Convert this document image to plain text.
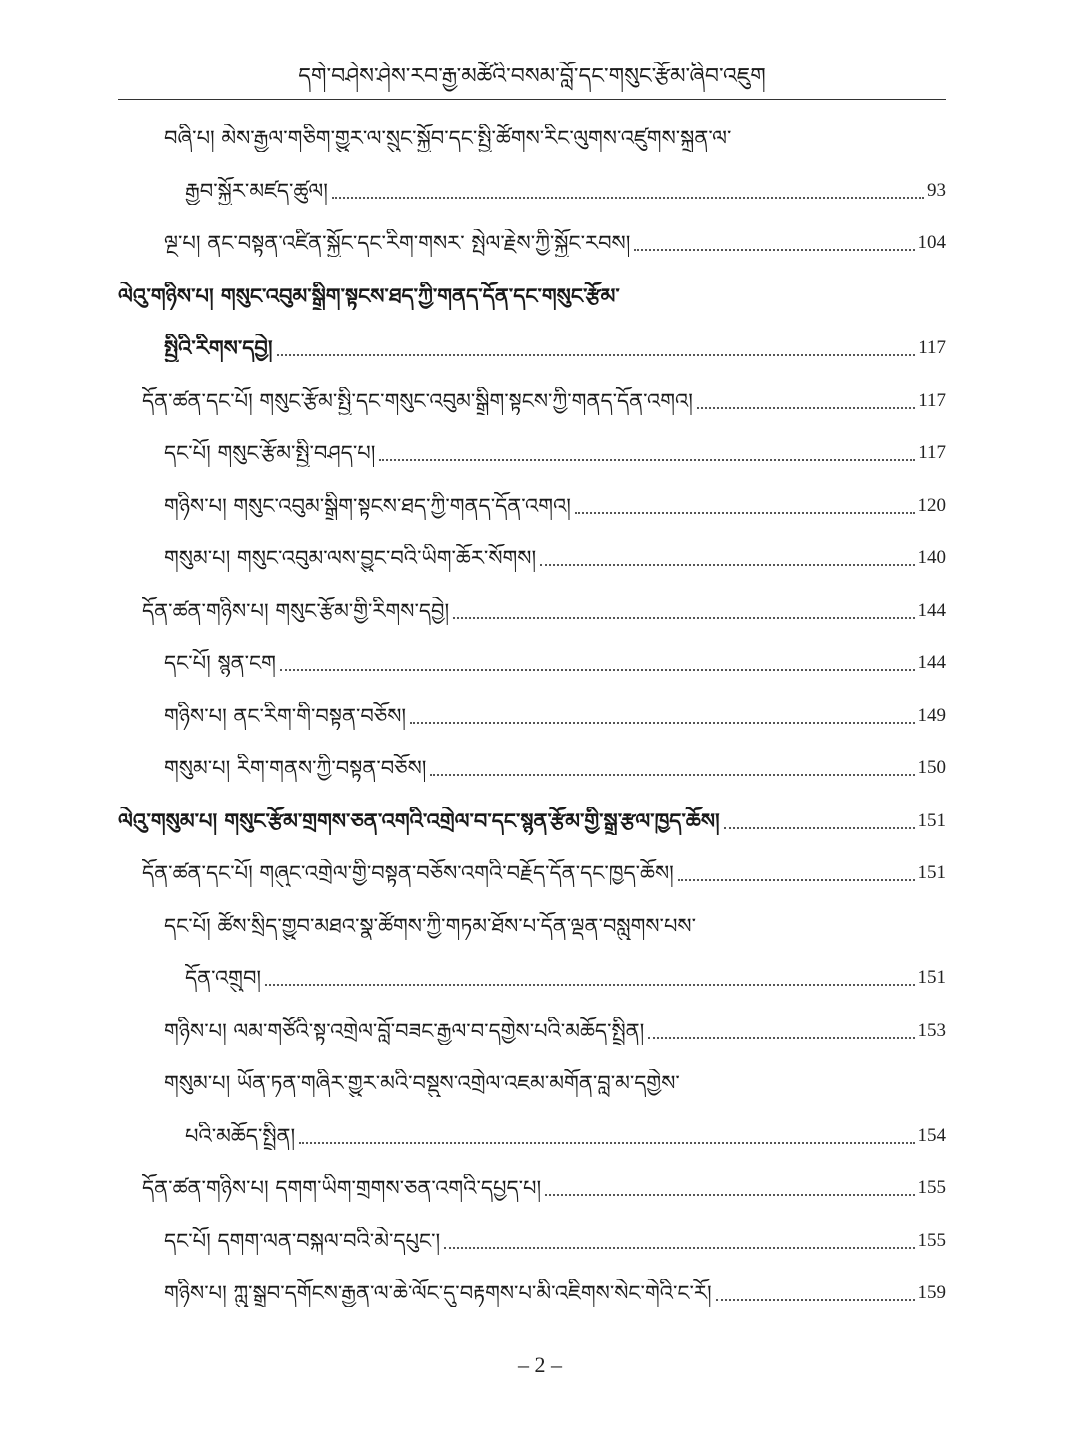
དགེ་བཤེས་ཤེས་རབ་རྒྱ་མཚོའི་བསམ་བློ་དང་གསུང་རྩོམ་ཞིབ་འཇུག
བཞི་པ། མེས་རྒྱལ་གཅིག་གྱུར་ལ་སྲུང་སྐྱོབ་དང་སྤྱི་ཚོགས་རིང་ལུགས་འཛུགས་སྐྲུན་ལ་
རྒྱབ་སྐྱོར་མཛད་ཚུལ།	93
ལྔ་པ། ནང་བསྟན་འཛིན་སྐྱོང་དང་རིག་གསར་ སྤེལ་རྗེས་ཀྱི་སྐྱོང་རབས།	104
ལེའུ་གཉིས་པ། གསུང་འབུམ་སྒྲིག་སྟངས་ཐད་ཀྱི་གནད་དོན་དང་གསུང་རྩོམ་
སྤྱིའི་རིགས་དབྱེ།	117
དོན་ཚན་དང་པོ། གསུང་རྩོམ་སྤྱི་དང་གསུང་འབུམ་སྒྲིག་སྟངས་ཀྱི་གནད་དོན་འགའ།	117
དང་པོ། གསུང་རྩོམ་སྤྱི་བཤད་པ།	117
གཉིས་པ། གསུང་འབུམ་སྒྲིག་སྟངས་ཐད་ཀྱི་གནད་དོན་འགའ།	120
གསུམ་པ། གསུང་འབུམ་ལས་བྱུང་བའི་ཡིག་ཆོར་སོགས།	140
དོན་ཚན་གཉིས་པ། གསུང་རྩོམ་གྱི་རིགས་དབྱེ།	144
དང་པོ། སྙན་ངག	144
གཉིས་པ། ནང་རིག་གི་བསྟན་བཅོས།	149
གསུམ་པ། རིག་གནས་ཀྱི་བསྟན་བཅོས།	150
ལེའུ་གསུམ་པ། གསུང་རྩོམ་གྲགས་ཅན་འགའི་འགྲེལ་བ་དང་སྙན་རྩོམ་གྱི་སྒྲུ་རྩལ་ཁྱད་ཆོས།	151
དོན་ཚན་དང་པོ། གཞུང་འགྲེལ་གྱི་བསྟན་བཅོས་འགའི་བརྗོད་དོན་དང་ཁྱད་ཆོས།	151
དང་པོ། ཚོས་སྲིད་གྱུབ་མཐའ་སྣ་ཚོགས་ཀྱི་གཏམ་ཐོས་པ་དོན་ལྡན་བསླུགས་པས་
དོན་འགྲུབ།	151
གཉིས་པ། ལམ་གཙོའི་སྟ་འགྲེལ་བློ་བཟང་རྒྱལ་བ་དགྱེས་པའི་མཆོད་སྤྲིན།	153
གསུམ་པ། ཡོན་ཏན་གཞིར་གྱུར་མའི་བསྡུས་འགྲེལ་འཇམ་མགོན་བླ་མ་དགྱེས་
པའི་མཆོད་སྤྲིན།	154
དོན་ཚན་གཉིས་པ། དགག་ཡིག་གྲགས་ཅན་འགའི་དཔྱད་པ།	155
དང་པོ། དགག་ལན་བསྐལ་བའི་མེ་དཔུང་།	155
གཉིས་པ། ཀླུ་སྒྲུབ་དགོངས་རྒྱན་ལ་ཆེ་ལོང་དུ་བརྟགས་པ་མི་འཇིགས་སེང་གེའི་ང་རོ།	159
– 2 –
